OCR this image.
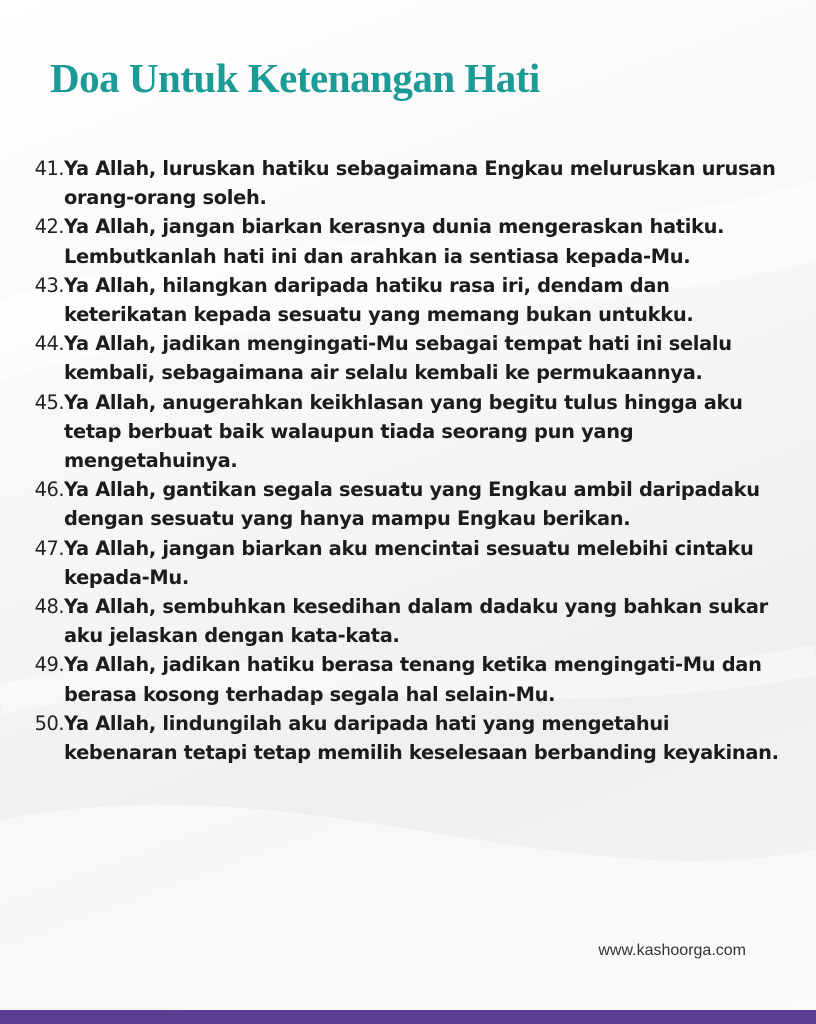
Doa Untuk Ketenangan Hati
41. Ya Allah, luruskan hatiku sebagaimana Engkau meluruskan urusan orang-orang soleh.
42. Ya Allah, jangan biarkan kerasnya dunia mengeraskan hatiku. Lembutkanlah hati ini dan arahkan ia sentiasa kepada-Mu.
43. Ya Allah, hilangkan daripada hatiku rasa iri, dendam dan keterikatan kepada sesuatu yang memang bukan untukku.
44. Ya Allah, jadikan mengingati-Mu sebagai tempat hati ini selalu kembali, sebagaimana air selalu kembali ke permukaannya.
45. Ya Allah, anugerahkan keikhlasan yang begitu tulus hingga aku tetap berbuat baik walaupun tiada seorang pun yang mengetahuinya.
46. Ya Allah, gantikan segala sesuatu yang Engkau ambil daripadaku dengan sesuatu yang hanya mampu Engkau berikan.
47. Ya Allah, jangan biarkan aku mencintai sesuatu melebihi cintaku kepada-Mu.
48. Ya Allah, sembuhkan kesedihan dalam dadaku yang bahkan sukar aku jelaskan dengan kata-kata.
49. Ya Allah, jadikan hatiku berasa tenang ketika mengingati-Mu dan berasa kosong terhadap segala hal selain-Mu.
50. Ya Allah, lindungilah aku daripada hati yang mengetahui kebenaran tetapi tetap memilih keselesaan berbanding keyakinan.
www.kashoorga.com
